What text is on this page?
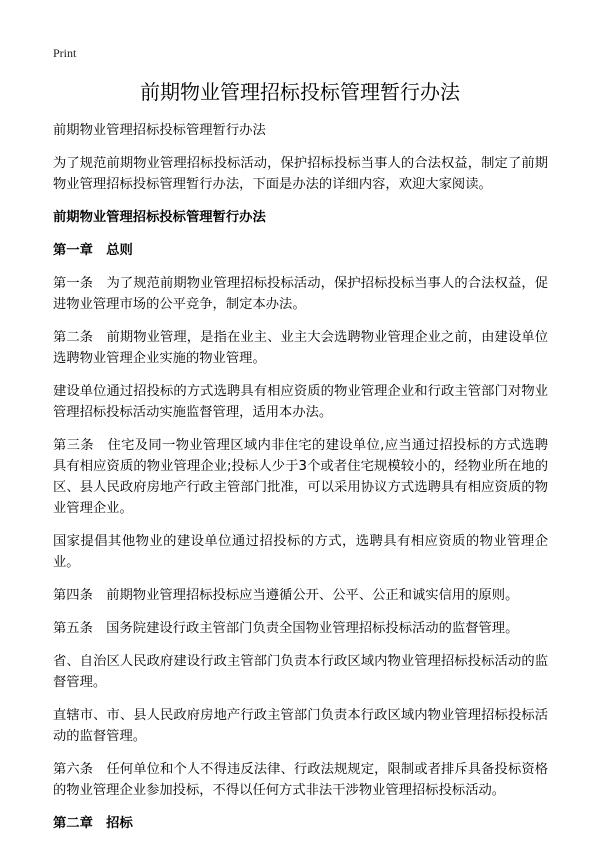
Print
前期物业管理招标投标管理暂行办法

前期物业管理招标投标管理暂行办法

为了规范前期物业管理招标投标活动，保护招标投标当事人的合法权益，制定了前期物业管理招标投标管理暂行办法，下面是办法的详细内容，欢迎大家阅读。

前期物业管理招标投标管理暂行办法

第一章　总则

第一条　为了规范前期物业管理招标投标活动，保护招标投标当事人的合法权益，促进物业管理市场的公平竞争，制定本办法。

第二条　前期物业管理，是指在业主、业主大会选聘物业管理企业之前，由建设单位选聘物业管理企业实施的物业管理。

建设单位通过招投标的方式选聘具有相应资质的物业管理企业和行政主管部门对物业管理招标投标活动实施监督管理，适用本办法。

第三条　住宅及同一物业管理区域内非住宅的建设单位,应当通过招投标的方式选聘具有相应资质的物业管理企业;投标人少于3个或者住宅规模较小的，经物业所在地的区、县人民政府房地产行政主管部门批准，可以采用协议方式选聘具有相应资质的物业管理企业。

国家提倡其他物业的建设单位通过招投标的方式，选聘具有相应资质的物业管理企业。

第四条　前期物业管理招标投标应当遵循公开、公平、公正和诚实信用的原则。

第五条　国务院建设行政主管部门负责全国物业管理招标投标活动的监督管理。

省、自治区人民政府建设行政主管部门负责本行政区域内物业管理招标投标活动的监督管理。

直辖市、市、县人民政府房地产行政主管部门负责本行政区域内物业管理招标投标活动的监督管理。

第六条　任何单位和个人不得违反法律、行政法规规定，限制或者排斥具备投标资格的物业管理企业参加投标，不得以任何方式非法干涉物业管理招标投标活动。

第二章　招标
